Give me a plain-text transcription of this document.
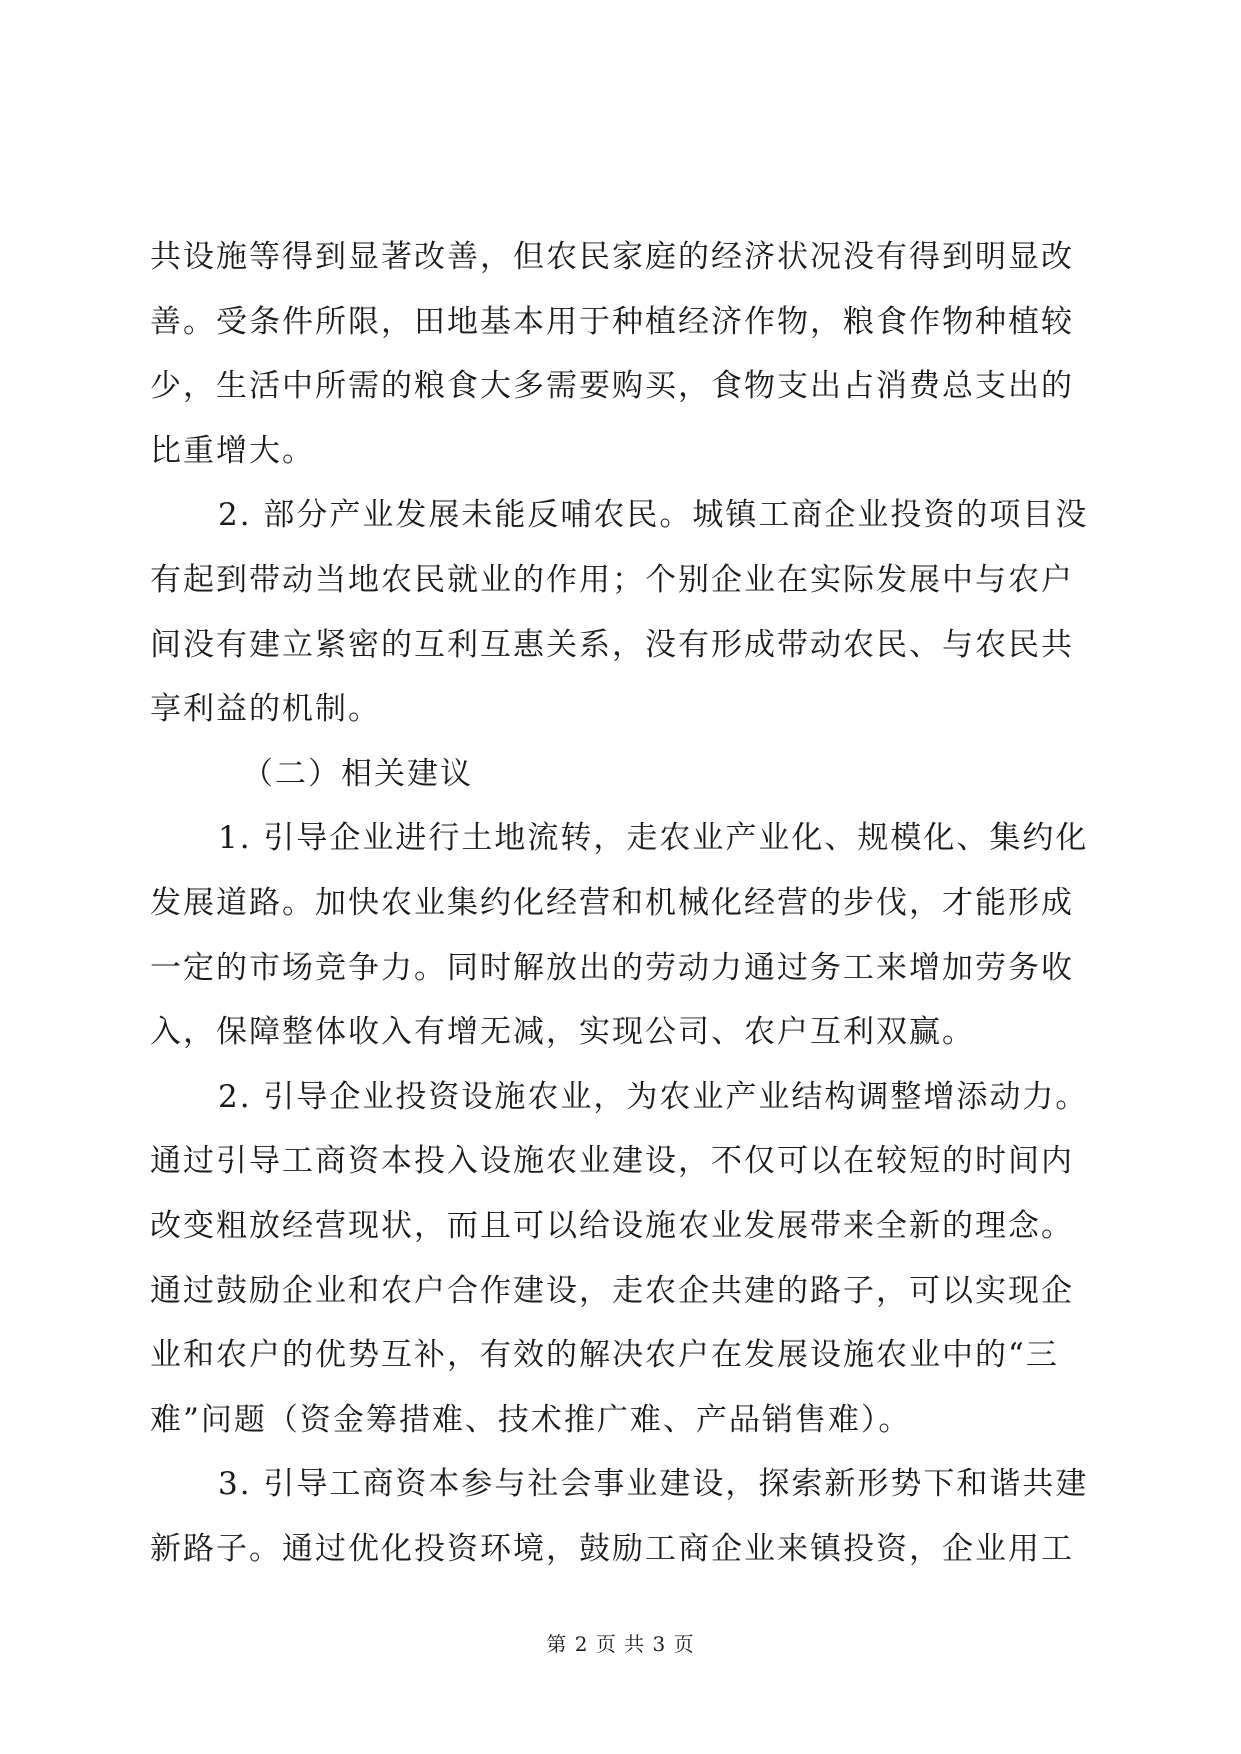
共设施等得到显著改善，但农民家庭的经济状况没有得到明显改
善。受条件所限，田地基本用于种植经济作物，粮食作物种植较
少，生活中所需的粮食大多需要购买，食物支出占消费总支出的
比重增大。
2. 部分产业发展未能反哺农民。城镇工商企业投资的项目没
有起到带动当地农民就业的作用；个别企业在实际发展中与农户
间没有建立紧密的互利互惠关系，没有形成带动农民、与农民共
享利益的机制。
（二）相关建议
1. 引导企业进行土地流转，走农业产业化、规模化、集约化
发展道路。加快农业集约化经营和机械化经营的步伐，才能形成
一定的市场竞争力。同时解放出的劳动力通过务工来增加劳务收
入，保障整体收入有增无减，实现公司、农户互利双赢。
2. 引导企业投资设施农业，为农业产业结构调整增添动力。
通过引导工商资本投入设施农业建设，不仅可以在较短的时间内
改变粗放经营现状，而且可以给设施农业发展带来全新的理念。
通过鼓励企业和农户合作建设，走农企共建的路子，可以实现企
业和农户的优势互补，有效的解决农户在发展设施农业中的“三
难”问题（资金筹措难、技术推广难、产品销售难）。
3. 引导工商资本参与社会事业建设，探索新形势下和谐共建
新路子。通过优化投资环境，鼓励工商企业来镇投资，企业用工
第 2 页 共 3 页
